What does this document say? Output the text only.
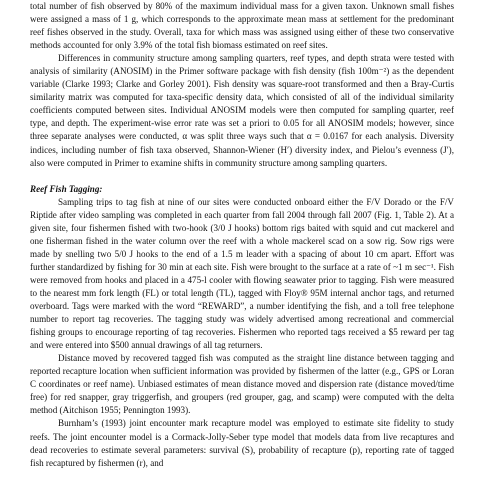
total number of fish observed by 80% of the maximum individual mass for a given taxon. Unknown small fishes were assigned a mass of 1 g, which corresponds to the approximate mean mass at settlement for the predominant reef fishes observed in the study. Overall, taxa for which mass was assigned using either of these two conservative methods accounted for only 3.9% of the total fish biomass estimated on reef sites.

Differences in community structure among sampling quarters, reef types, and depth strata were tested with analysis of similarity (ANOSIM) in the Primer software package with fish density (fish 100m⁻²) as the dependent variable (Clarke 1993; Clarke and Gorley 2001). Fish density was square-root transformed and then a Bray-Curtis similarity matrix was computed for taxa-specific density data, which consisted of all of the individual similarity coefficients computed between sites. Individual ANOSIM models were then computed for sampling quarter, reef type, and depth. The experiment-wise error rate was set a priori to 0.05 for all ANOSIM models; however, since three separate analyses were conducted, α was split three ways such that α = 0.0167 for each analysis. Diversity indices, including number of fish taxa observed, Shannon-Wiener (H′) diversity index, and Pielou’s evenness (J′), also were computed in Primer to examine shifts in community structure among sampling quarters.

Reef Fish Tagging:

Sampling trips to tag fish at nine of our sites were conducted onboard either the F/V Dorado or the F/V Riptide after video sampling was completed in each quarter from fall 2004 through fall 2007 (Fig. 1, Table 2). At a given site, four fishermen fished with two-hook (3/0 J hooks) bottom rigs baited with squid and cut mackerel and one fisherman fished in the water column over the reef with a whole mackerel scad on a sow rig. Sow rigs were made by snelling two 5/0 J hooks to the end of a 1.5 m leader with a spacing of about 10 cm apart. Effort was further standardized by fishing for 30 min at each site. Fish were brought to the surface at a rate of ~1 m sec⁻¹. Fish were removed from hooks and placed in a 475-l cooler with flowing seawater prior to tagging. Fish were measured to the nearest mm fork length (FL) or total length (TL), tagged with Floy® 95M internal anchor tags, and returned overboard. Tags were marked with the word “REWARD”, a number identifying the fish, and a toll free telephone number to report tag recoveries. The tagging study was widely advertised among recreational and commercial fishing groups to encourage reporting of tag recoveries. Fishermen who reported tags received a $5 reward per tag and were entered into $500 annual drawings of all tag returners.

Distance moved by recovered tagged fish was computed as the straight line distance between tagging and reported recapture location when sufficient information was provided by fishermen of the latter (e.g., GPS or Loran C coordinates or reef name). Unbiased estimates of mean distance moved and dispersion rate (distance moved/time free) for red snapper, gray triggerfish, and groupers (red grouper, gag, and scamp) were computed with the delta method (Aitchison 1955; Pennington 1993).

Burnham’s (1993) joint encounter mark recapture model was employed to estimate site fidelity to study reefs. The joint encounter model is a Cormack-Jolly-Seber type model that models data from live recaptures and dead recoveries to estimate several parameters: survival (S), probability of recapture (p), reporting rate of tagged fish recaptured by fishermen (r), and
